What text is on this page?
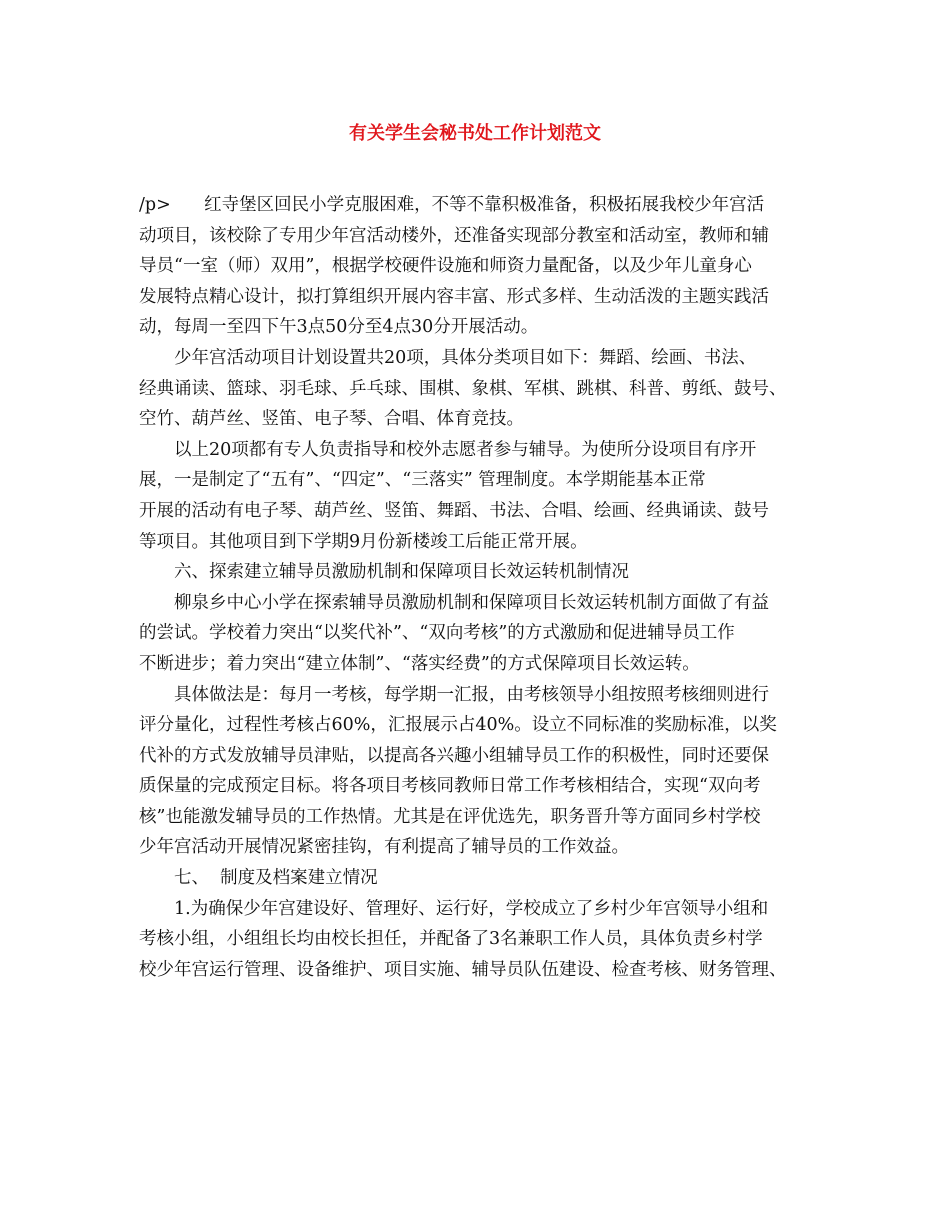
有关学生会秘书处工作计划范文
/p>      红寺堡区回民小学克服困难，不等不靠积极准备，积极拓展我校少年宫活
动项目，该校除了专用少年宫活动楼外，还准备实现部分教室和活动室，教师和辅
导员“一室（师）双用”，根据学校硬件设施和师资力量配备，以及少年儿童身心
发展特点精心设计，拟打算组织开展内容丰富、形式多样、生动活泼的主题实践活
动，每周一至四下午3点50分至4点30分开展活动。
少年宫活动项目计划设置共20项，具体分类项目如下：舞蹈、绘画、书法、
经典诵读、篮球、羽毛球、乒乓球、围棋、象棋、军棋、跳棋、科普、剪纸、鼓号、
空竹、葫芦丝、竖笛、电子琴、合唱、体育竞技。
以上20项都有专人负责指导和校外志愿者参与辅导。为使所分设项目有序开
展，一是制定了“五有”、“四定”、“三落实” 管理制度。本学期能基本正常
开展的活动有电子琴、葫芦丝、竖笛、舞蹈、书法、合唱、绘画、经典诵读、鼓号
等项目。其他项目到下学期9月份新楼竣工后能正常开展。
六、探索建立辅导员激励机制和保障项目长效运转机制情况
柳泉乡中心小学在探索辅导员激励机制和保障项目长效运转机制方面做了有益
的尝试。学校着力突出“以奖代补”、“双向考核”的方式激励和促进辅导员工作
不断进步；着力突出“建立体制”、“落实经费”的方式保障项目长效运转。
具体做法是：每月一考核，每学期一汇报，由考核领导小组按照考核细则进行
评分量化，过程性考核占60%，汇报展示占40%。设立不同标准的奖励标准，以奖
代补的方式发放辅导员津贴，以提高各兴趣小组辅导员工作的积极性，同时还要保
质保量的完成预定目标。将各项目考核同教师日常工作考核相结合，实现“双向考
核”也能激发辅导员的工作热情。尤其是在评优选先，职务晋升等方面同乡村学校
少年宫活动开展情况紧密挂钩，有利提高了辅导员的工作效益。
七、  制度及档案建立情况
1.为确保少年宫建设好、管理好、运行好，学校成立了乡村少年宫领导小组和
考核小组，小组组长均由校长担任，并配备了3名兼职工作人员，具体负责乡村学
校少年宫运行管理、设备维护、项目实施、辅导员队伍建设、检查考核、财务管理、
